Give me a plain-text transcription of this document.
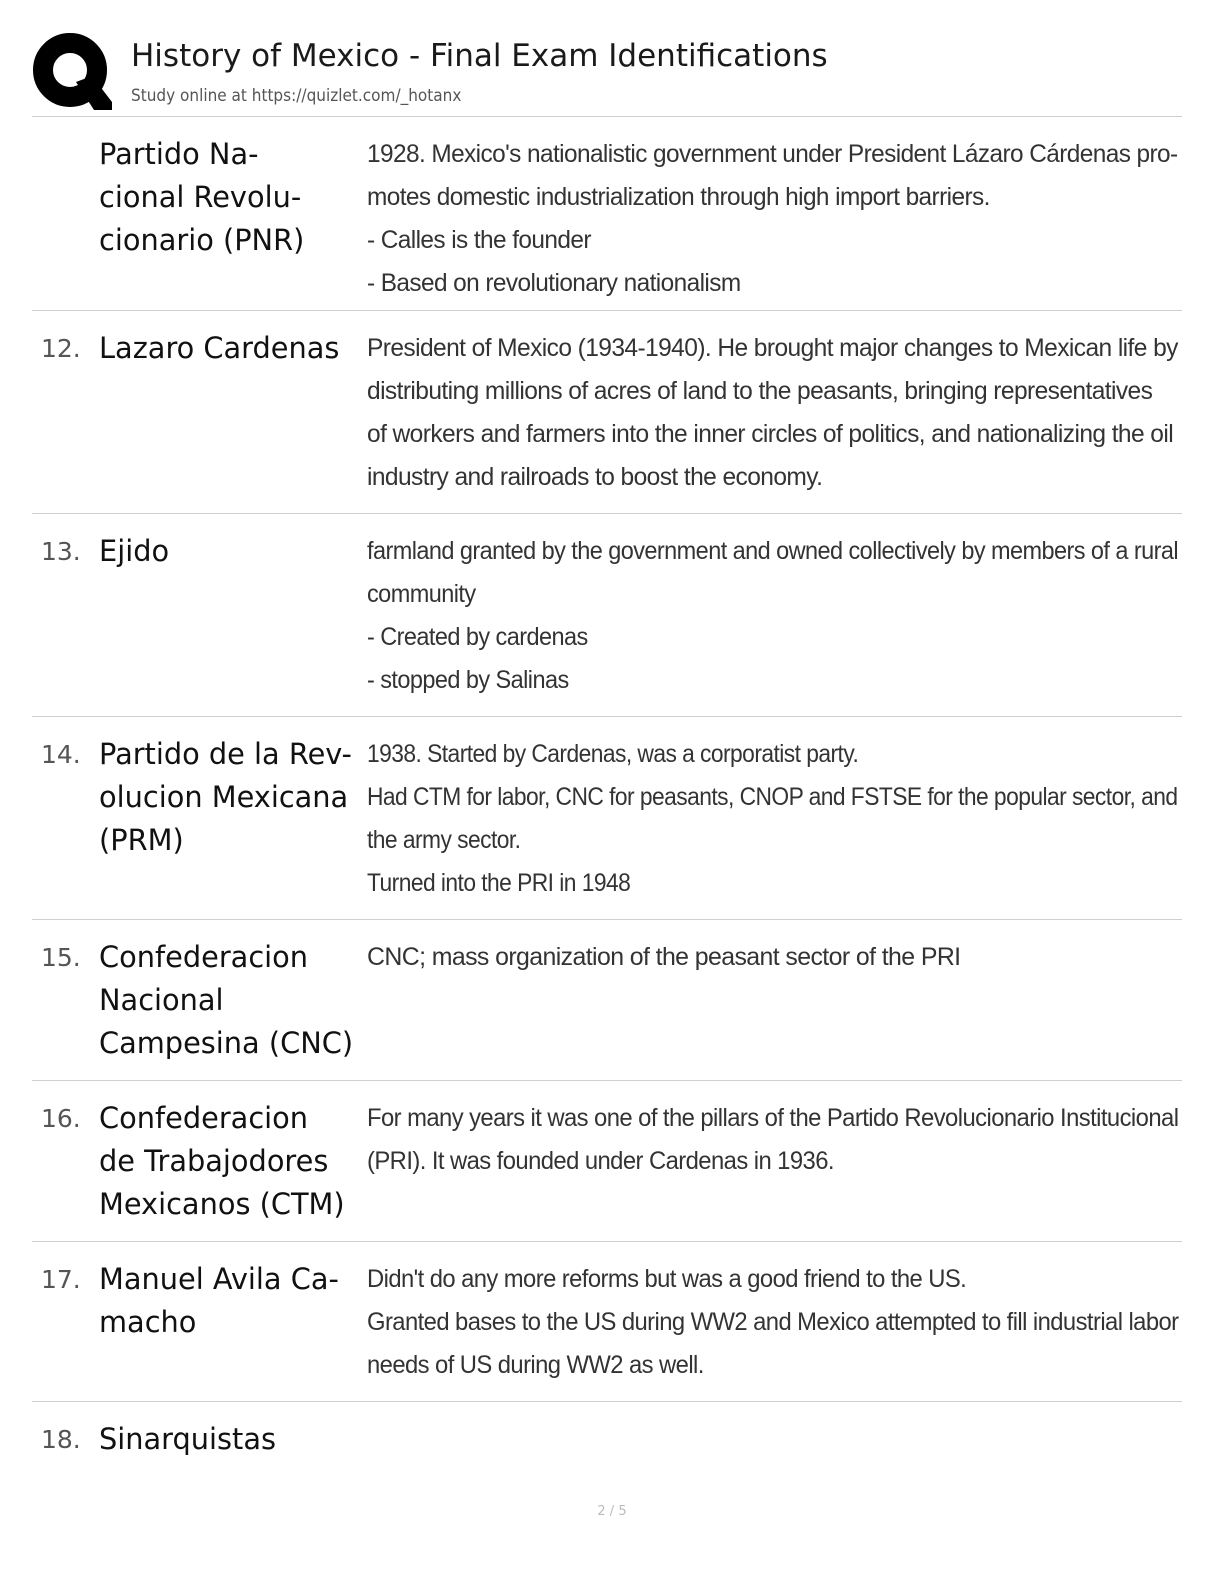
History of Mexico - Final Exam Identifications
Study online at https://quizlet.com/_hotanx
Partido Na-
cional Revolu-
cionario (PNR)
1928. Mexico's nationalistic government under President Lázaro Cárdenas pro-
motes domestic industrialization through high import barriers.
- Calles is the founder
- Based on revolutionary nationalism
12. Lazaro Cardenas	President of Mexico (1934-1940). He brought major changes to Mexican life by
distributing millions of acres of land to the peasants, bringing representatives
of workers and farmers into the inner circles of politics, and nationalizing the oil
industry and railroads to boost the economy.
13. Ejido	farmland granted by the government and owned collectively by members of a rural
community
- Created by cardenas
- stopped by Salinas
14. Partido de la Rev-
olucion Mexicana
(PRM)
1938. Started by Cardenas, was a corporatist party.
Had CTM for labor, CNC for peasants, CNOP and FSTSE for the popular sector, and
the army sector.
Turned into the PRI in 1948
15. Confederacion
Nacional
Campesina (CNC)
CNC; mass organization of the peasant sector of the PRI
16. Confederacion
de Trabajodores
Mexicanos (CTM)
For many years it was one of the pillars of the Partido Revolucionario Institucional
(PRI). It was founded under Cardenas in 1936.
17. Manuel Avila Ca-
macho
Didn't do any more reforms but was a good friend to the US.
Granted bases to the US during WW2 and Mexico attempted to fill industrial labor
needs of US during WW2 as well.
18. Sinarquistas
2 / 5
